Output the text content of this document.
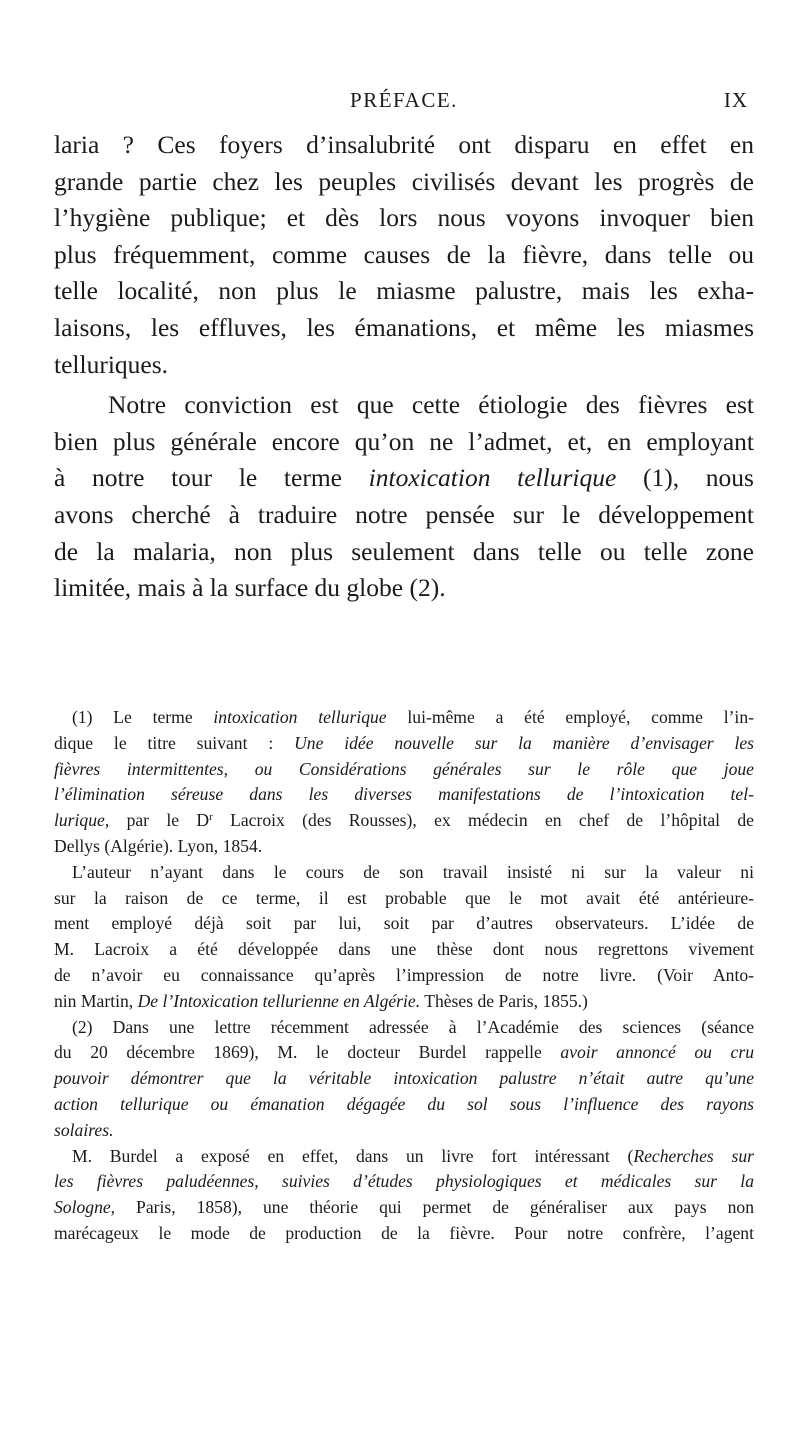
PRÉFACE.	IX
laria ? Ces foyers d’insalubrité ont disparu en effet en
grande partie chez les peuples civilisés devant les progrès de
l’hygiène publique; et dès lors nous voyons invoquer bien
plus fréquemment, comme causes de la fièvre, dans telle ou
telle localité, non plus le miasme palustre, mais les exha-
laisons, les effluves, les émanations, et même les miasmes
telluriques.
Notre conviction est que cette étiologie des fièvres est
bien plus générale encore qu’on ne l’admet, et, en employant
à notre tour le terme intoxication tellurique (1), nous
avons cherché à traduire notre pensée sur le développement
de la malaria, non plus seulement dans telle ou telle zone
limitée, mais à la surface du globe (2).
(1) Le terme intoxication tellurique lui-même a été employé, comme l’in-
dique le titre suivant : Une idée nouvelle sur la manière d’envisager les
fièvres intermittentes, ou Considérations générales sur le rôle que joue
l’élimination séreuse dans les diverses manifestations de l’intoxication tel-
lurique, par le $D^r$ Lacroix (des Rousses), ex médecin en chef de l’hôpital de
Dellys (Algérie). Lyon, 1854.
L’auteur n’ayant dans le cours de son travail insisté ni sur la valeur ni
sur la raison de ce terme, il est probable que le mot avait été antérieure-
ment employé déjà soit par lui, soit par d’autres observateurs. L’idée de
M. Lacroix a été développée dans une thèse dont nous regrettons vivement
de n’avoir eu connaissance qu’après l’impression de notre livre. (Voir Anto-
nin Martin, De l’Intoxication tellurienne en Algérie. Thèses de Paris, 1855.)
(2) Dans une lettre récemment adressée à l’Académie des sciences (séance
du 20 décembre 1869), M. le docteur Burdel rappelle avoir annoncé ou cru
pouvoir démontrer que la véritable intoxication palustre n’était autre qu’une
action tellurique ou émanation dégagée du sol sous l’influence des rayons
solaires.
M. Burdel a exposé en effet, dans un livre fort intéressant (Recherches sur
les fièvres paludéennes, suivies d’études physiologiques et médicales sur la
Sologne, Paris, 1858), une théorie qui permet de généraliser aux pays non
marécageux le mode de production de la fièvre. Pour notre confrère, l’agent
